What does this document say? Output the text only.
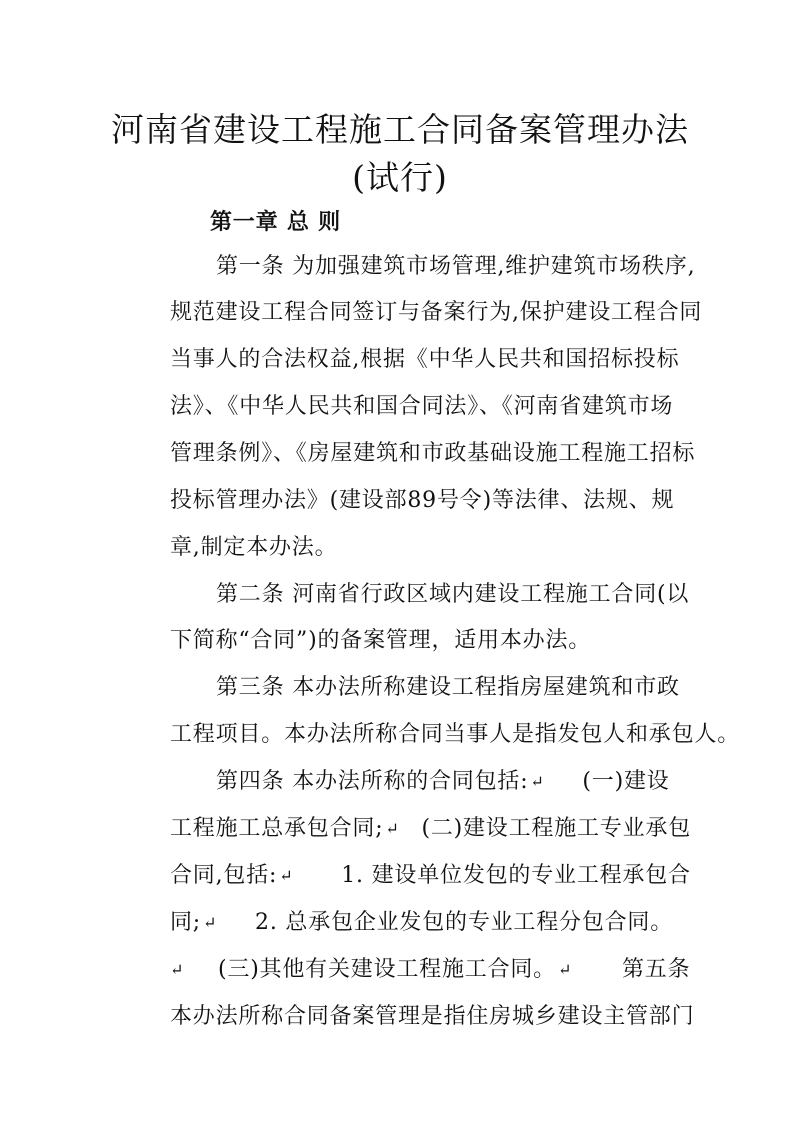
河南省建设工程施工合同备案管理办法
(试行)
第一章 总 则
第一条 为加强建筑市场管理,维护建筑市场秩序,
规范建设工程合同签订与备案行为,保护建设工程合同
当事人的合法权益,根据《中华人民共和国招标投标
法》、《中华人民共和国合同法》、《河南省建筑市场
管理条例》、《房屋建筑和市政基础设施工程施工招标
投标管理办法》(建设部89号令)等法律、法规、规
章,制定本办法。
第二条 河南省行政区域内建设工程施工合同(以
下简称“合同”)的备案管理，适用本办法。
第三条 本办法所称建设工程指房屋建筑和市政
工程项目。本办法所称合同当事人是指发包人和承包人。
第四条 本办法所称的合同包括: ↵ (一)建设
工程施工总承包合同; ↵ (二)建设工程施工专业承包
合同,包括: ↵ 1. 建设单位发包的专业工程承包合
同; ↵ 2. 总承包企业发包的专业工程分包合同。
↵ (三)其他有关建设工程施工合同。 ↵ 第五条
本办法所称合同备案管理是指住房城乡建设主管部门
